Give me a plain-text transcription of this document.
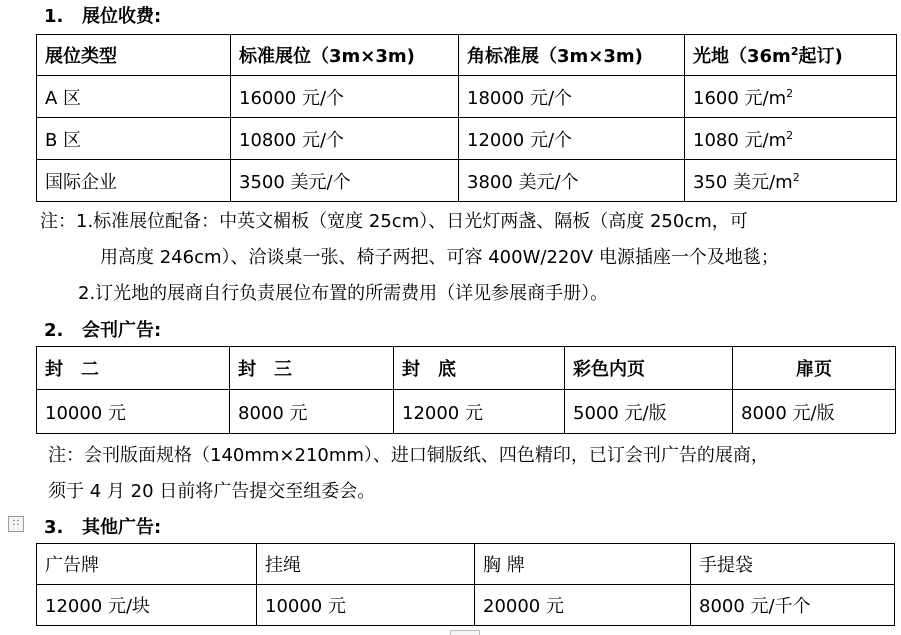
1. 展位收费:
展位类型	标准展位（3m×3m)	角标准展（3m×3m)	光地（$36m^2$起订)
A 区	16000 元/个	18000 元/个	1600 元$/m^2$
B 区	10800 元/个	12000 元/个	1080 元$/m^2$
国际企业	3500 美元/个	3800 美元/个	350 美元$/m^2$
注：1.标准展位配备：中英文楣板（宽度 25cm）、日光灯两盏、隔板（高度 250cm，可
用高度 246cm）、洽谈桌一张、椅子两把、可容 400W/220V 电源插座一个及地毯；
2.订光地的展商自行负责展位布置的所需费用（详见参展商手册）。
2. 会刊广告:
封　二	封　三	封　底	彩色内页	扉页
10000 元	8000 元	12000 元	5000 元/版	8000 元/版
注：会刊版面规格（140mm×210mm）、进口铜版纸、四色精印，已订会刊广告的展商，
须于 4 月 20 日前将广告提交至组委会。
∷ 3. 其他广告:
广告牌	挂绳	胸 牌	手提袋
12000 元/块	10000 元	20000 元	8000 元/千个
